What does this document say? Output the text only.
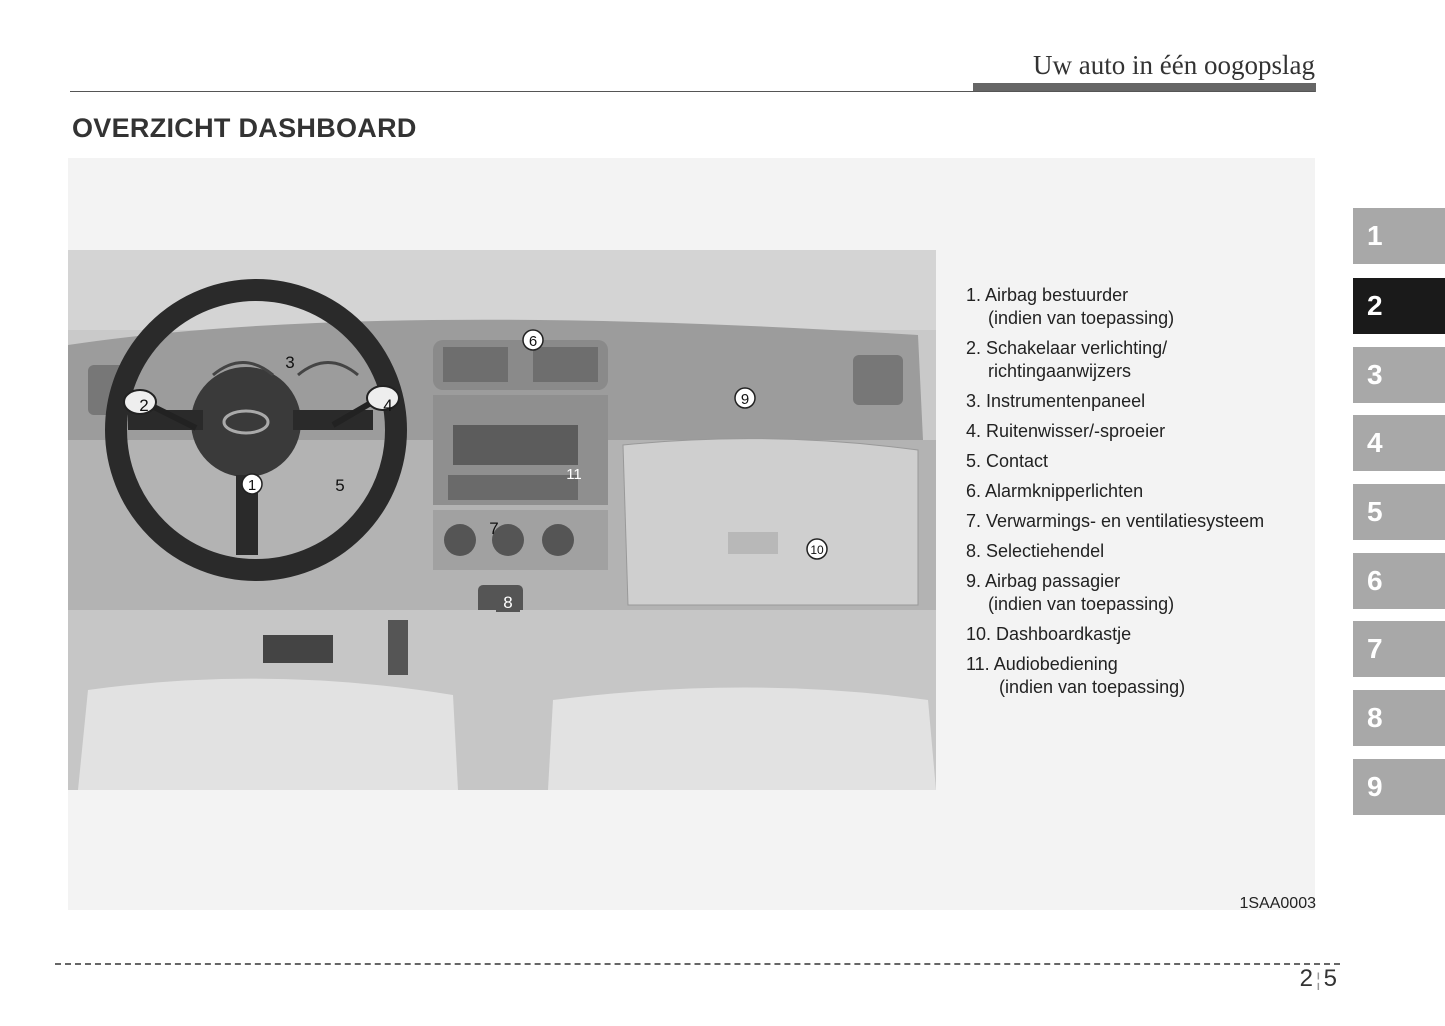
Uw auto in één oogopslag
OVERZICHT DASHBOARD
1
2
3
4
5
6
7
8
9
10
11
1. Airbag bestuurder
(indien van toepassing)
2. Schakelaar verlichting/
richtingaanwijzers
3. Instrumentenpaneel
4. Ruitenwisser/-sproeier
5. Contact
6. Alarmknipperlichten
7. Verwarmings- en ventilatiesysteem
8. Selectiehendel
9. Airbag passagier
(indien van toepassing)
10. Dashboardkastje
11. Audiobediening
(indien van toepassing)
1SAA0003
1
2
3
4
5
6
7
8
9
2 ¦ 5
